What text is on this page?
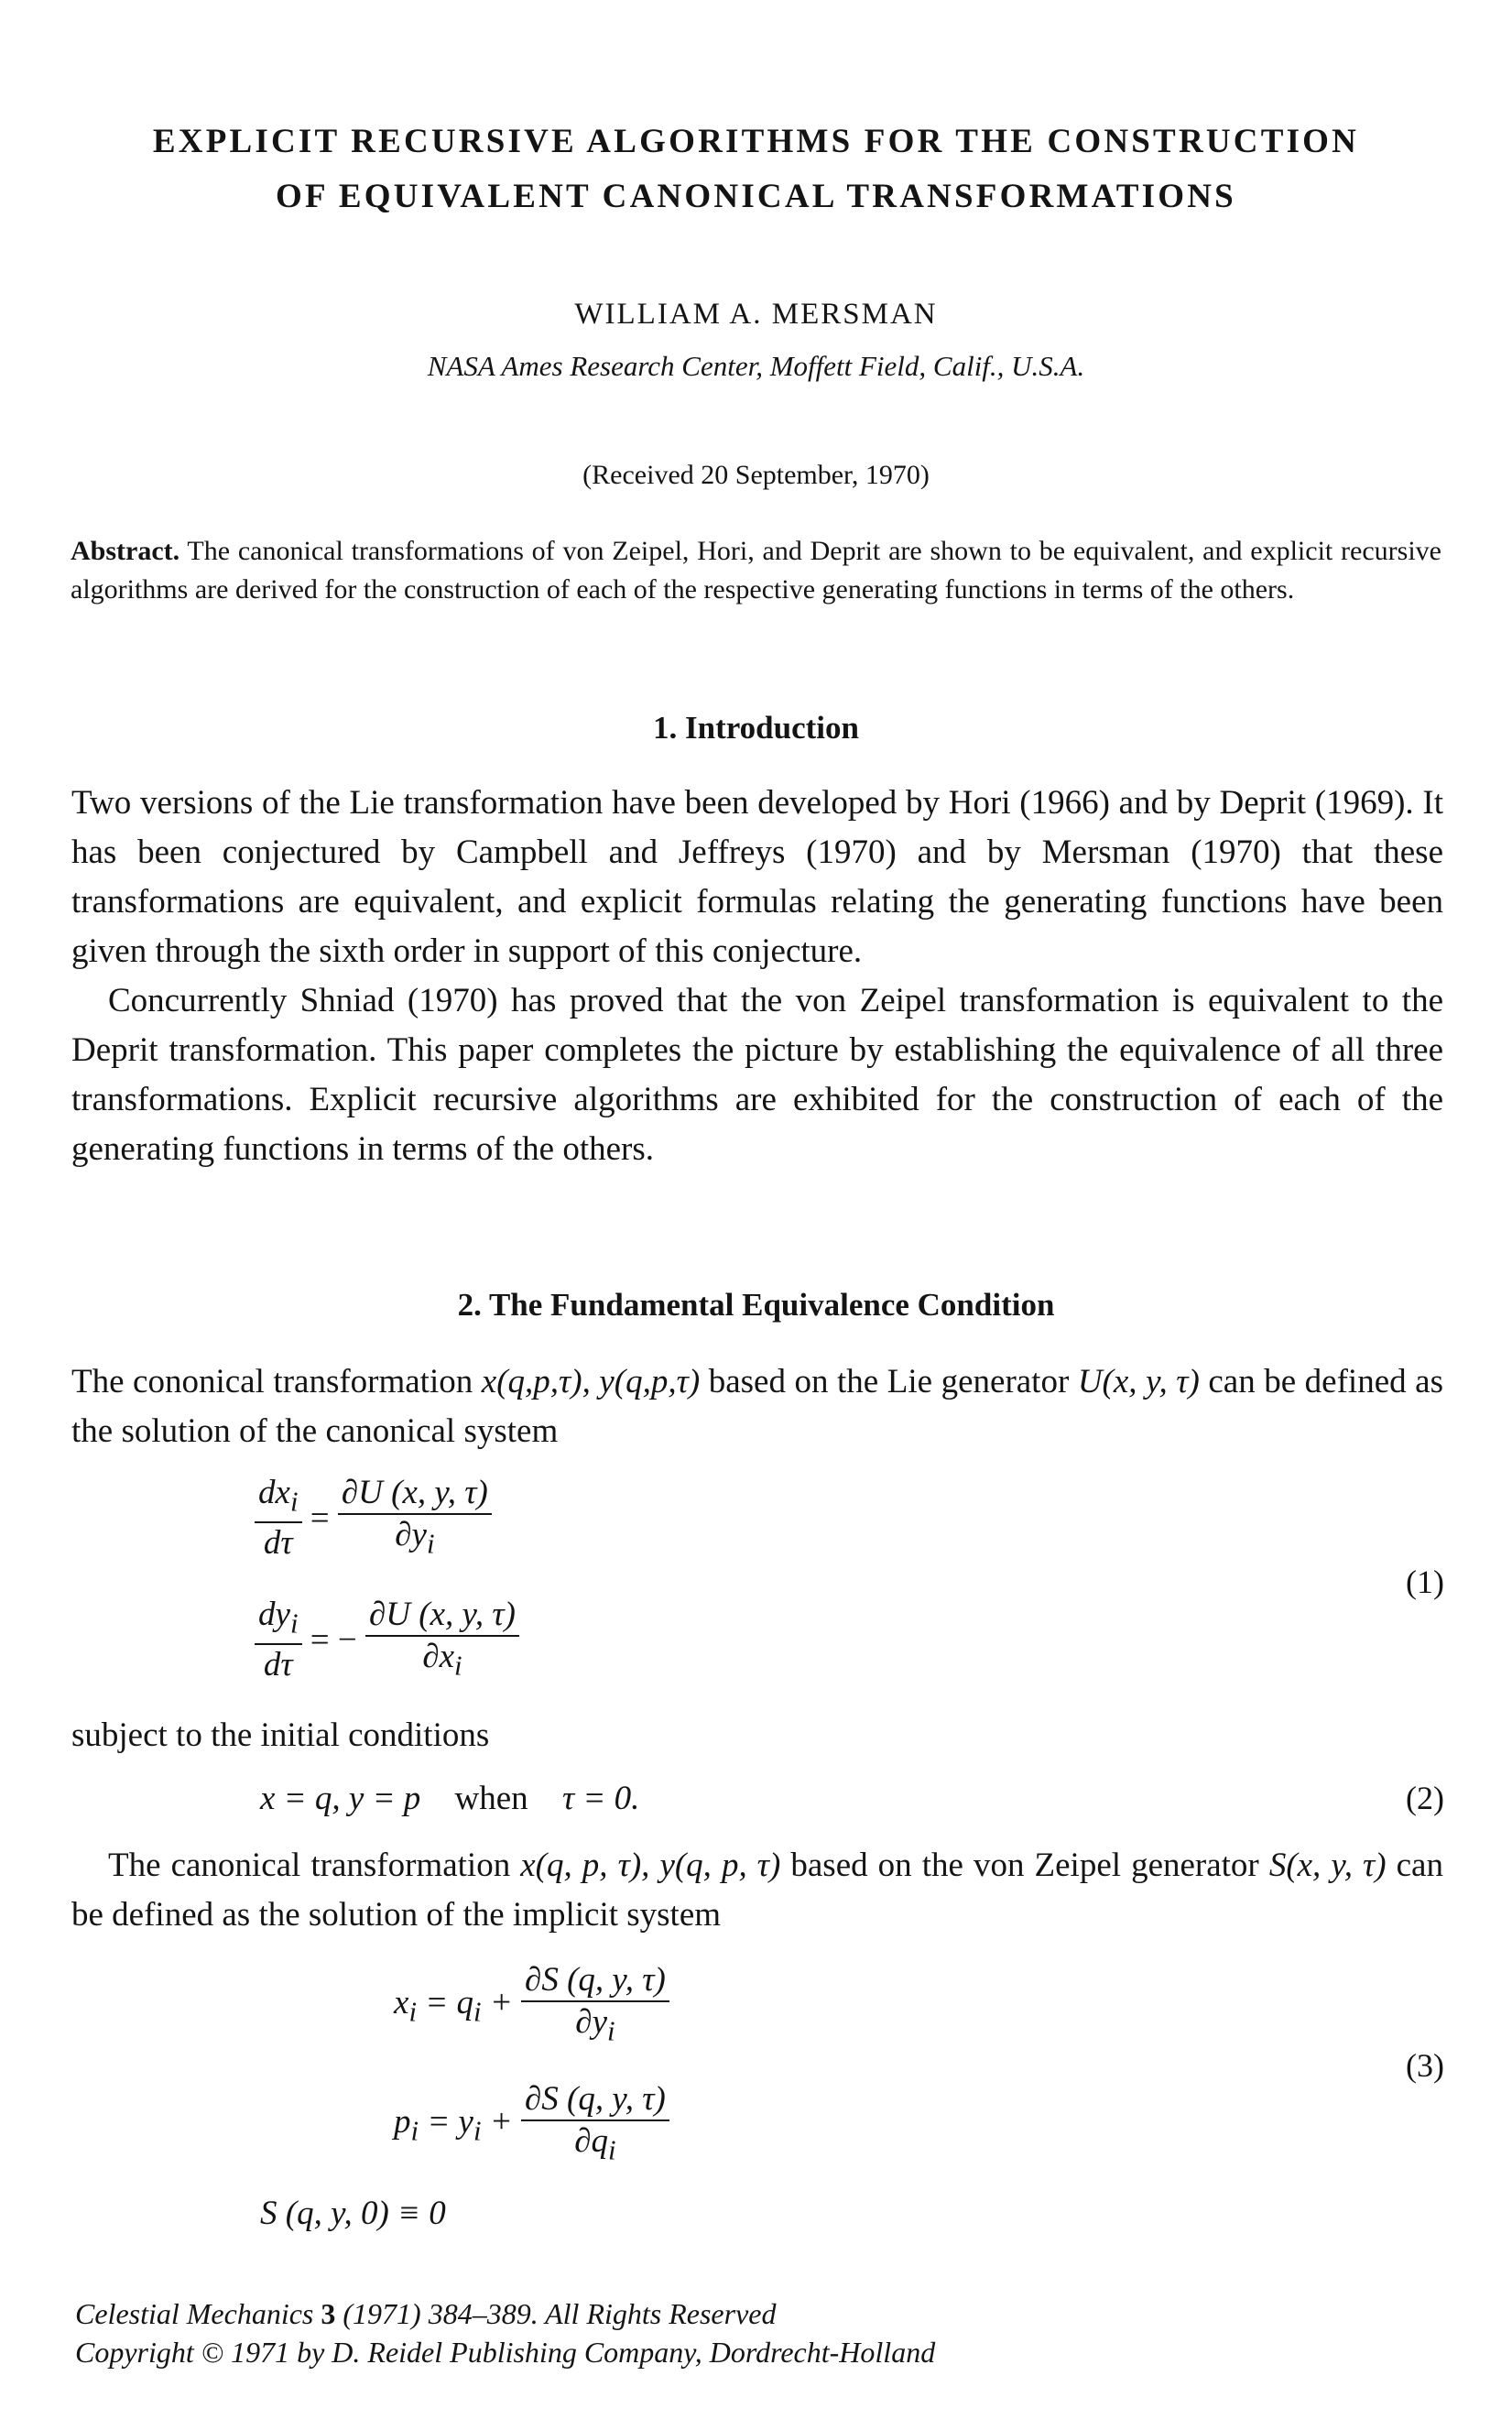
EXPLICIT RECURSIVE ALGORITHMS FOR THE CONSTRUCTION
OF EQUIVALENT CANONICAL TRANSFORMATIONS
WILLIAM A. MERSMAN
NASA Ames Research Center, Moffett Field, Calif., U.S.A.
(Received 20 September, 1970)
Abstract. The canonical transformations of von Zeipel, Hori, and Deprit are shown to be equivalent, and explicit recursive algorithms are derived for the construction of each of the respective generating functions in terms of the others.
1. Introduction

Two versions of the Lie transformation have been developed by Hori (1966) and by Deprit (1969). It has been conjectured by Campbell and Jeffreys (1970) and by Mersman (1970) that these transformations are equivalent, and explicit formulas relating the generating functions have been given through the sixth order in support of this conjecture.

Concurrently Shniad (1970) has proved that the von Zeipel transformation is equivalent to the Deprit transformation. This paper completes the picture by establishing the equivalence of all three transformations. Explicit recursive algorithms are exhibited for the construction of each of the generating functions in terms of the others.

2. The Fundamental Equivalence Condition
The cononical transformation x(q,p,τ), y(q,p,τ) based on the Lie generator U(x, y, τ) can be defined as the solution of the canonical system
$\frac{dx_i}{d\tau} = \frac{\partial U (x, y, \tau)}{\partial y_i}$
$\frac{dy_i}{d\tau}$ = − $\frac{\partial U (x, y, \tau)}{\partial x_i}$
(1)
subject to the initial conditions
x = q, y = p when τ = 0.	(2)
The canonical transformation x(q, p, τ), y(q, p, τ) based on the von Zeipel generator S(x, y, τ) can be defined as the solution of the implicit system
$x_i = q_i + \frac{\partial S (q, y, \tau)}{\partial y_i}$
$p_i = y_i + \frac{\partial S (q, y, \tau)}{\partial q_i}$
S (q, y, 0) ≡ 0
(3)
Celestial Mechanics 3 (1971) 384–389. All Rights Reserved
Copyright © 1971 by D. Reidel Publishing Company, Dordrecht-Holland
